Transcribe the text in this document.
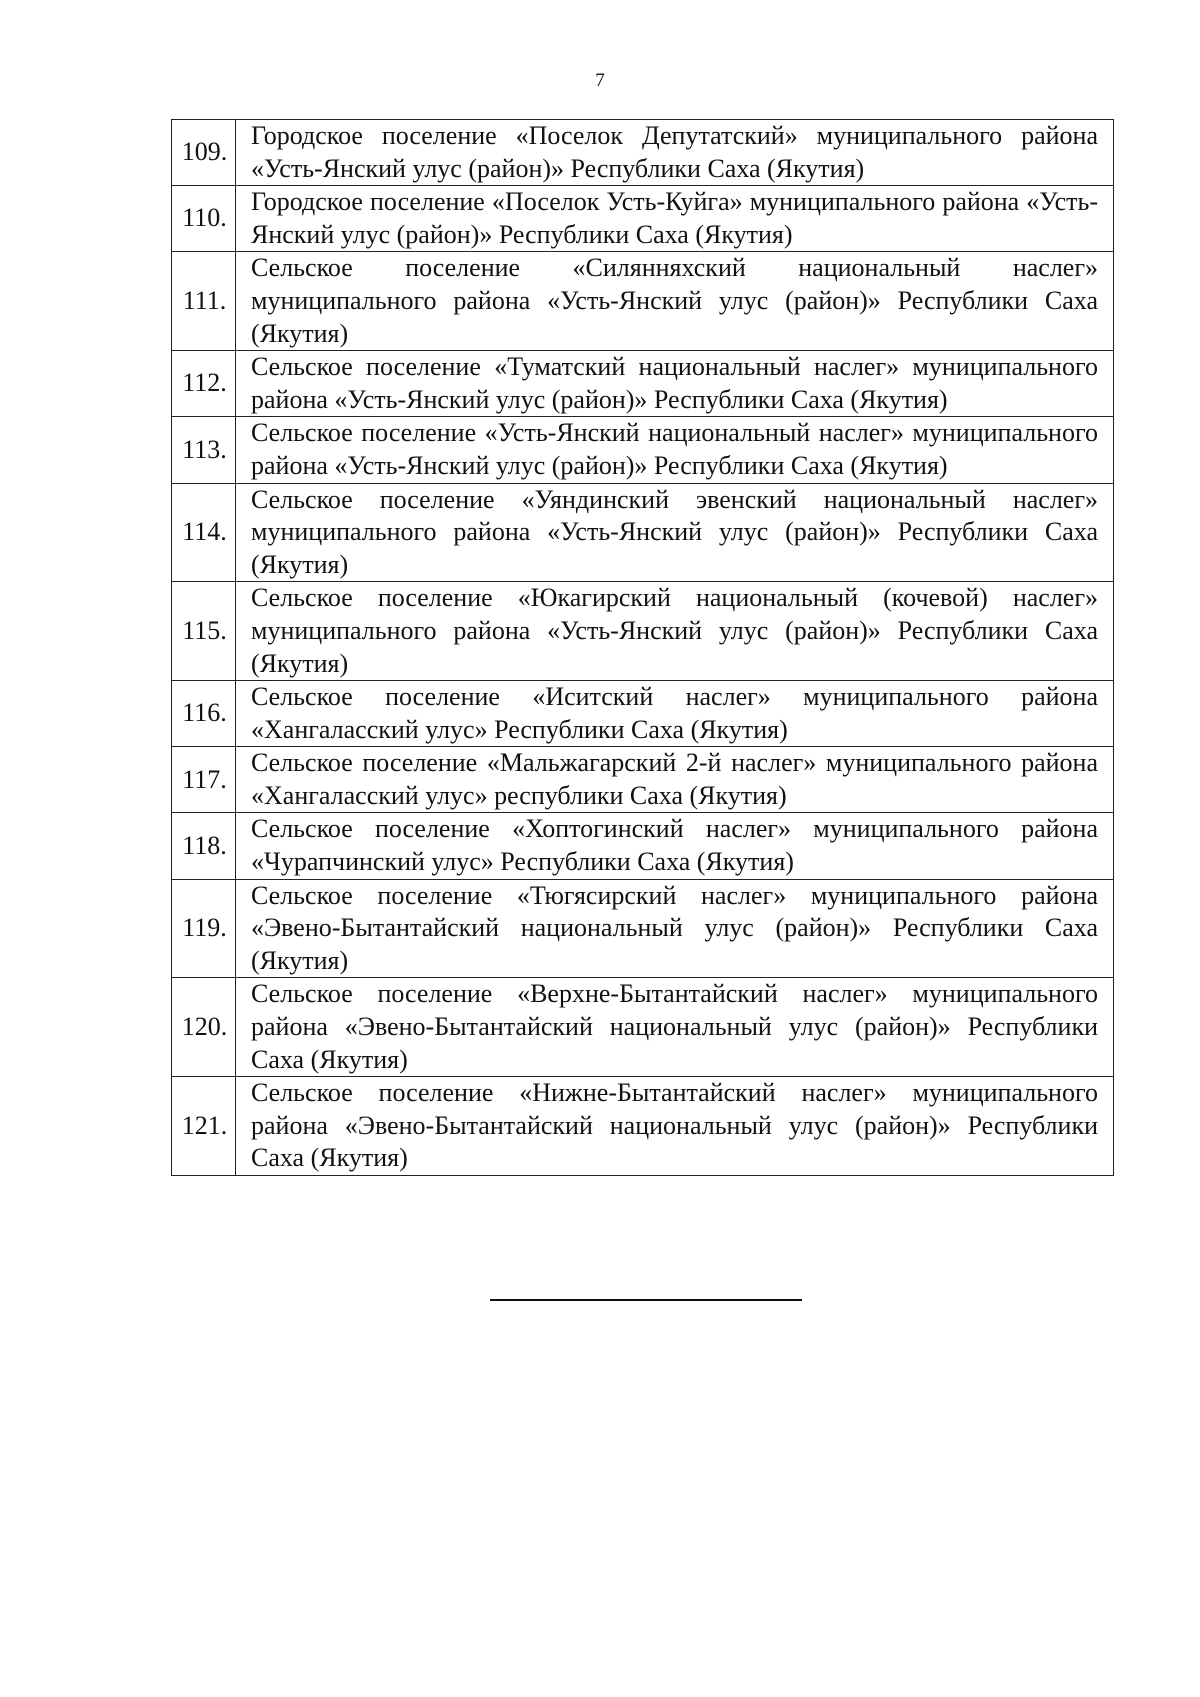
7
109.	Городское поселение «Поселок Депутатский» муниципального района «Усть-Янский улус (район)» Республики Саха (Якутия)
110.	Городское поселение «Поселок Усть-Куйга» муниципального района «Усть-Янский улус (район)» Республики Саха (Якутия)
111.	Сельское поселение «Силянняхский национальный наслег» муниципального района «Усть-Янский улус (район)» Республики Саха (Якутия)
112.	Сельское поселение «Туматский национальный наслег» муниципального района «Усть-Янский улус (район)» Республики Саха (Якутия)
113.	Сельское поселение «Усть-Янский национальный наслег» муниципального района «Усть-Янский улус (район)» Республики Саха (Якутия)
114.	Сельское поселение «Уяндинский эвенский национальный наслег» муниципального района «Усть-Янский улус (район)» Республики Саха (Якутия)
115.	Сельское поселение «Юкагирский национальный (кочевой) наслег» муниципального района «Усть-Янский улус (район)» Республики Саха (Якутия)
116.	Сельское поселение «Иситский наслег» муниципального района «Хангаласский улус» Республики Саха (Якутия)
117.	Сельское поселение «Мальжагарский 2-й наслег» муниципального района «Хангаласский улус» республики Саха (Якутия)
118.	Сельское поселение «Хоптогинский наслег» муниципального района «Чурапчинский улус» Республики Саха (Якутия)
119.	Сельское поселение «Тюгясирский наслег» муниципального района «Эвено-Бытантайский национальный улус (район)» Республики Саха (Якутия)
120.	Сельское поселение «Верхне-Бытантайский наслег» муниципального района «Эвено-Бытантайский национальный улус (район)» Республики Саха (Якутия)
121.	Сельское поселение «Нижне-Бытантайский наслег» муниципального района «Эвено-Бытантайский национальный улус (район)» Республики Саха (Якутия)
